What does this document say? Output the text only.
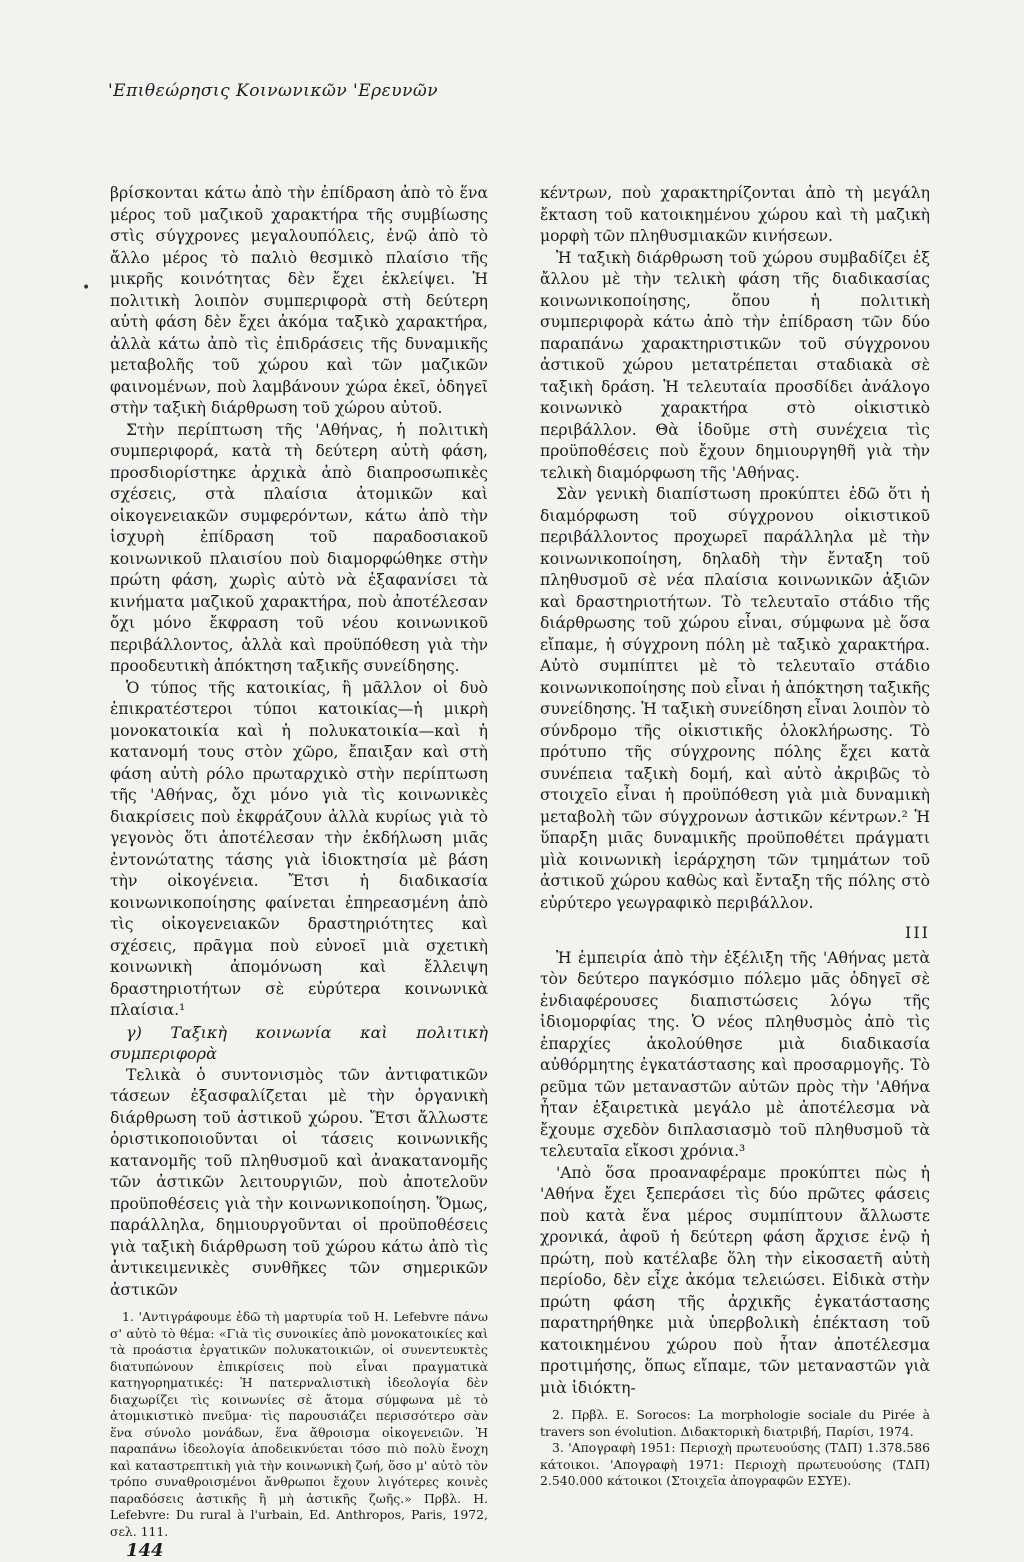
'Επιθεώρησις Κοινωνικῶν 'Ερευνῶν
•

βρίσκονται κάτω ἀπὸ τὴν ἐπίδραση ἀπὸ τὸ ἕνα μέρος τοῦ μαζικοῦ χαρακτήρα τῆς συμβίωσης στὶς σύγχρονες μεγαλουπόλεις, ἐνῷ ἀπὸ τὸ ἄλλο μέρος τὸ παλιὸ θεσμικὸ πλαίσιο τῆς μικρῆς κοινότητας δὲν ἔχει ἐκλείψει. Ἡ πολιτικὴ λοιπὸν συμπεριφορὰ στὴ δεύτερη αὐτὴ φάση δὲν ἔχει ἀκόμα ταξικὸ χαρακτήρα, ἀλλὰ κάτω ἀπὸ τὶς ἐπιδράσεις τῆς δυναμικῆς μεταβολῆς τοῦ χώρου καὶ τῶν μαζικῶν φαινομένων, ποὺ λαμβάνουν χώρα ἐκεῖ, ὁδηγεῖ στὴν ταξικὴ διάρθρωση τοῦ χώρου αὐτοῦ.

Στὴν περίπτωση τῆς 'Αθήνας, ἡ πολιτικὴ συμπεριφορά, κατὰ τὴ δεύτερη αὐτὴ φάση, προσδιορίστηκε ἀρχικὰ ἀπὸ διαπροσωπικὲς σχέσεις, στὰ πλαίσια ἀτομικῶν καὶ οἰκογενειακῶν συμφερόντων, κάτω ἀπὸ τὴν ἰσχυρὴ ἐπίδραση τοῦ παραδοσιακοῦ κοινωνικοῦ πλαισίου ποὺ διαμορφώθηκε στὴν πρώτη φάση, χωρὶς αὐτὸ νὰ ἐξαφανίσει τὰ κινήματα μαζικοῦ χαρακτήρα, ποὺ ἀποτέλεσαν ὄχι μόνο ἔκφραση τοῦ νέου κοινωνικοῦ περιβάλλοντος, ἀλλὰ καὶ προϋπόθεση γιὰ τὴν προοδευτικὴ ἀπόκτηση ταξικῆς συνείδησης.

Ὁ τύπος τῆς κατοικίας, ἢ μᾶλλον οἱ δυὸ ἐπικρατέστεροι τύποι κατοικίας—ἡ μικρὴ μονοκατοικία καὶ ἡ πολυκατοικία—καὶ ἡ κατανομή τους στὸν χῶρο, ἔπαιξαν καὶ στὴ φάση αὐτὴ ρόλο πρωταρχικὸ στὴν περίπτωση τῆς 'Αθήνας, ὄχι μόνο γιὰ τὶς κοινωνικὲς διακρίσεις ποὺ ἐκφράζουν ἀλλὰ κυρίως γιὰ τὸ γεγονὸς ὅτι ἀποτέλεσαν τὴν ἐκδήλωση μιᾶς ἐντονώτατης τάσης γιὰ ἰδιοκτησία μὲ βάση τὴν οἰκογένεια. Ἔτσι ἡ διαδικασία κοινωνικοποίησης φαίνεται ἐπηρεασμένη ἀπὸ τὶς οἰκογενειακῶν δραστηριότητες καὶ σχέσεις, πρᾶγμα ποὺ εὐνοεῖ μιὰ σχετικὴ κοινωνικὴ ἀπομόνωση καὶ ἔλλειψη δραστηριοτήτων σὲ εὐρύτερα κοινωνικὰ πλαίσια.¹

γ) Ταξικὴ κοινωνία καὶ πολιτικὴ συμπεριφορὰ

Τελικὰ ὁ συντονισμὸς τῶν ἀντιφατικῶν τάσεων ἐξασφαλίζεται μὲ τὴν ὀργανικὴ διάρθρωση τοῦ ἀστικοῦ χώρου. Ἔτσι ἄλλωστε ὁριστικοποιοῦνται οἱ τάσεις κοινωνικῆς κατανομῆς τοῦ πληθυσμοῦ καὶ ἀνακατανομῆς τῶν ἀστικῶν λειτουργιῶν, ποὺ ἀποτελοῦν προϋποθέσεις γιὰ τὴν κοινωνικοποίηση. Ὅμως, παράλληλα, δημιουργοῦνται οἱ προϋποθέσεις γιὰ ταξικὴ διάρθρωση τοῦ χώρου κάτω ἀπὸ τὶς ἀντικειμενικὲς συνθῆκες τῶν σημερικῶν ἀστικῶν

1. 'Αντιγράφουμε ἐδῶ τὴ μαρτυρία τοῦ H. Lefebvre πάνω σ' αὐτὸ τὸ θέμα: «Γιὰ τὶς συνοικίες ἀπὸ μονοκατοικίες καὶ τὰ προάστια ἐργατικῶν πολυκατοικιῶν, οἱ συνεντευκτὲς διατυπώνουν ἐπικρίσεις ποὺ εἶναι πραγματικὰ κατηγορηματικές: Ἡ πατερναλιστικὴ ἰδεολογία δὲν διαχωρίζει τὶς κοινωνίες σὲ ἄτομα σύμφωνα μὲ τὸ ἀτομικιστικὸ πνεῦμα· τὶς παρουσιάζει περισσότερο σὰν ἕνα σύνολο μονάδων, ἕνα ἄθροισμα οἰκογενειῶν. Ἡ παραπάνω ἰδεολογία ἀποδεικνύεται τόσο πιὸ πολὺ ἔνοχη καὶ καταστρεπτικὴ γιὰ τὴν κοινωνικὴ ζωή, ὅσο μ' αὐτὸ τὸν τρόπο συναθροισμένοι ἄνθρωποι ἔχουν λιγότερες κοινὲς παραδόσεις ἀστικῆς ἢ μὴ ἀστικῆς ζωῆς.» Πρβλ. H. Lefebvre: Du rural à l'urbain, Ed. Anthropos, Paris, 1972, σελ. 111.

144

κέντρων, ποὺ χαρακτηρίζονται ἀπὸ τὴ μεγάλη ἔκταση τοῦ κατοικημένου χώρου καὶ τὴ μαζικὴ μορφὴ τῶν πληθυσμιακῶν κινήσεων.

Ἡ ταξικὴ διάρθρωση τοῦ χώρου συμβαδίζει ἐξ ἄλλου μὲ τὴν τελικὴ φάση τῆς διαδικασίας κοινωνικοποίησης, ὅπου ἡ πολιτικὴ συμπεριφορὰ κάτω ἀπὸ τὴν ἐπίδραση τῶν δύο παραπάνω χαρακτηριστικῶν τοῦ σύγχρονου ἀστικοῦ χώρου μετατρέπεται σταδιακὰ σὲ ταξικὴ δράση. Ἡ τελευταία προσδίδει ἀνάλογο κοινωνικὸ χαρακτήρα στὸ οἰκιστικὸ περιβάλλον. Θὰ ἰδοῦμε στὴ συνέχεια τὶς προϋποθέσεις ποὺ ἔχουν δημιουργηθῆ γιὰ τὴν τελικὴ διαμόρφωση τῆς 'Αθήνας.

Σὰν γενικὴ διαπίστωση προκύπτει ἐδῶ ὅτι ἡ διαμόρφωση τοῦ σύγχρονου οἰκιστικοῦ περιβάλλοντος προχωρεῖ παράλληλα μὲ τὴν κοινωνικοποίηση, δηλαδὴ τὴν ἔνταξη τοῦ πληθυσμοῦ σὲ νέα πλαίσια κοινωνικῶν ἀξιῶν καὶ δραστηριοτήτων. Τὸ τελευταῖο στάδιο τῆς διάρθρωσης τοῦ χώρου εἶναι, σύμφωνα μὲ ὅσα εἴπαμε, ἡ σύγχρονη πόλη μὲ ταξικὸ χαρακτήρα. Αὐτὸ συμπίπτει μὲ τὸ τελευταῖο στάδιο κοινωνικοποίησης ποὺ εἶναι ἡ ἀπόκτηση ταξικῆς συνείδησης. Ἡ ταξικὴ συνείδηση εἶναι λοιπὸν τὸ σύνδρομο τῆς οἰκιστικῆς ὁλοκλήρωσης. Τὸ πρότυπο τῆς σύγχρονης πόλης ἔχει κατὰ συνέπεια ταξικὴ δομή, καὶ αὐτὸ ἀκριβῶς τὸ στοιχεῖο εἶναι ἡ προϋπόθεση γιὰ μιὰ δυναμικὴ μεταβολὴ τῶν σύγχρονων ἀστικῶν κέντρων.² Ἡ ὕπαρξη μιᾶς δυναμικῆς προϋποθέτει πράγματι μὶὰ κοινωνικὴ ἱεράρχηση τῶν τμημάτων τοῦ ἀστικοῦ χώρου καθὼς καὶ ἔνταξη τῆς πόλης στὸ εὐρύτερο γεωγραφικὸ περιβάλλον.

III

Ἡ ἐμπειρία ἀπὸ τὴν ἐξέλιξη τῆς 'Αθήνας μετὰ τὸν δεύτερο παγκόσμιο πόλεμο μᾶς ὁδηγεῖ σὲ ἐνδιαφέρουσες διαπιστώσεις λόγω τῆς ἰδιομορφίας της. Ὁ νέος πληθυσμὸς ἀπὸ τὶς ἐπαρχίες ἀκολούθησε μιὰ διαδικασία αὐθόρμητης ἐγκατάστασης καὶ προσαρμογῆς. Τὸ ρεῦμα τῶν μεταναστῶν αὐτῶν πρὸς τὴν 'Αθήνα ἦταν ἐξαιρετικὰ μεγάλο μὲ ἀποτέλεσμα νὰ ἔχουμε σχεδὸν διπλασιασμὸ τοῦ πληθυσμοῦ τὰ τελευταῖα εἴκοσι χρόνια.³

'Απὸ ὅσα προαναφέραμε προκύπτει πὼς ἡ 'Αθήνα ἔχει ξεπεράσει τὶς δύο πρῶτες φάσεις ποὺ κατὰ ἕνα μέρος συμπίπτουν ἄλλωστε χρονικά, ἀφοῦ ἡ δεύτερη φάση ἄρχισε ἐνῷ ἡ πρώτη, ποὺ κατέλαβε ὅλη τὴν εἰκοσαετῆ αὐτὴ περίοδο, δὲν εἶχε ἀκόμα τελειώσει. Εἰδικὰ στὴν πρώτη φάση τῆς ἀρχικῆς ἐγκατάστασης παρατηρήθηκε μιὰ ὑπερβολικὴ ἐπέκταση τοῦ κατοικημένου χώρου ποὺ ἦταν ἀποτέλεσμα προτιμήσης, ὅπως εἴπαμε, τῶν μεταναστῶν γιὰ μιὰ ἰδιόκτη-

2. Πρβλ. E. Sorocos: La morphologie sociale du Pirée à travers son évolution. Διδακτορικὴ διατριβή, Παρίσι, 1974.

3. 'Απογραφὴ 1951: Περιοχὴ πρωτευούσης (ΤΔΠ) 1.378.586 κάτοικοι. 'Απογραφὴ 1971: Περιοχὴ πρωτευούσης (ΤΔΠ) 2.540.000 κάτοικοι (Στοιχεῖα ἀπογραφῶν ΕΣΥΕ).
